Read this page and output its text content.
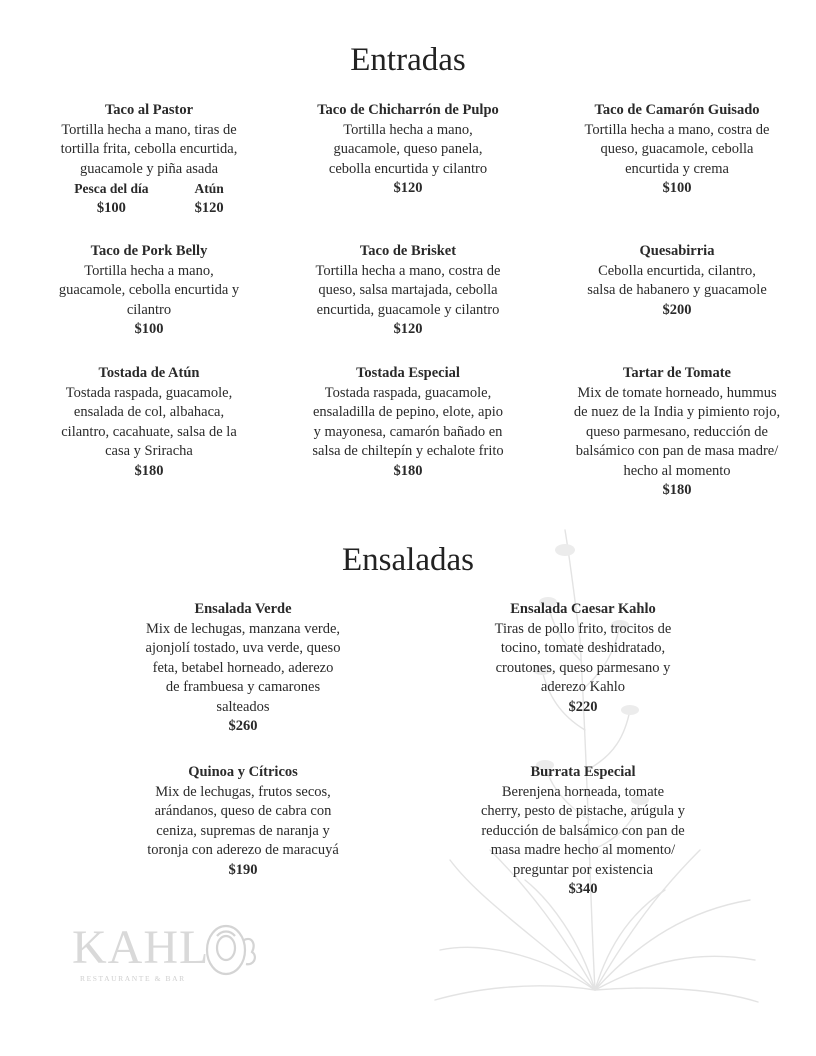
Entradas
Taco al Pastor
Tortilla hecha a mano, tiras de
tortilla frita, cebolla encurtida,
guacamole y piña asada
Pesca del día
$100
Atún
$120
Taco de Chicharrón de Pulpo
Tortilla hecha a mano,
guacamole, queso panela,
cebolla encurtida y cilantro
$120
Taco de Camarón Guisado
Tortilla hecha a mano, costra de
queso, guacamole, cebolla
encurtida y crema
$100
Taco de Pork Belly
Tortilla hecha a mano,
guacamole, cebolla encurtida y
cilantro
$100
Taco de Brisket
Tortilla hecha a mano, costra de
queso, salsa martajada, cebolla
encurtida, guacamole y cilantro
$120
Quesabirria
Cebolla encurtida, cilantro,
salsa de habanero y guacamole
$200
Tostada de Atún
Tostada raspada, guacamole,
ensalada de col, albahaca,
cilantro, cacahuate, salsa de la
casa y Sriracha
$180
Tostada Especial
Tostada raspada, guacamole,
ensaladilla de pepino, elote, apio
y mayonesa, camarón bañado en
salsa de chiltepín y echalote frito
$180
Tartar de Tomate
Mix de tomate horneado, hummus
de nuez de la India y pimiento rojo,
queso parmesano, reducción de
balsámico con pan de masa madre/
hecho al momento
$180
Ensaladas
Ensalada Verde
Mix de lechugas, manzana verde,
ajonjolí tostado, uva verde, queso
feta, betabel horneado, aderezo
de frambuesa y camarones
salteados
$260
Ensalada Caesar Kahlo
Tiras de pollo frito, trocitos de
tocino, tomate deshidratado,
croutones, queso parmesano y
aderezo Kahlo
$220
Quinoa y Cítricos
Mix de lechugas, frutos secos,
arándanos, queso de cabra con
ceniza, supremas de naranja y
toronja con aderezo de maracuyá
$190
Burrata Especial
Berenjena horneada, tomate
cherry, pesto de pistache, arúgula y
reducción de balsámico con pan de
masa madre hecho al momento/
preguntar por existencia
$340
KAHL
RESTAURANTE & BAR
